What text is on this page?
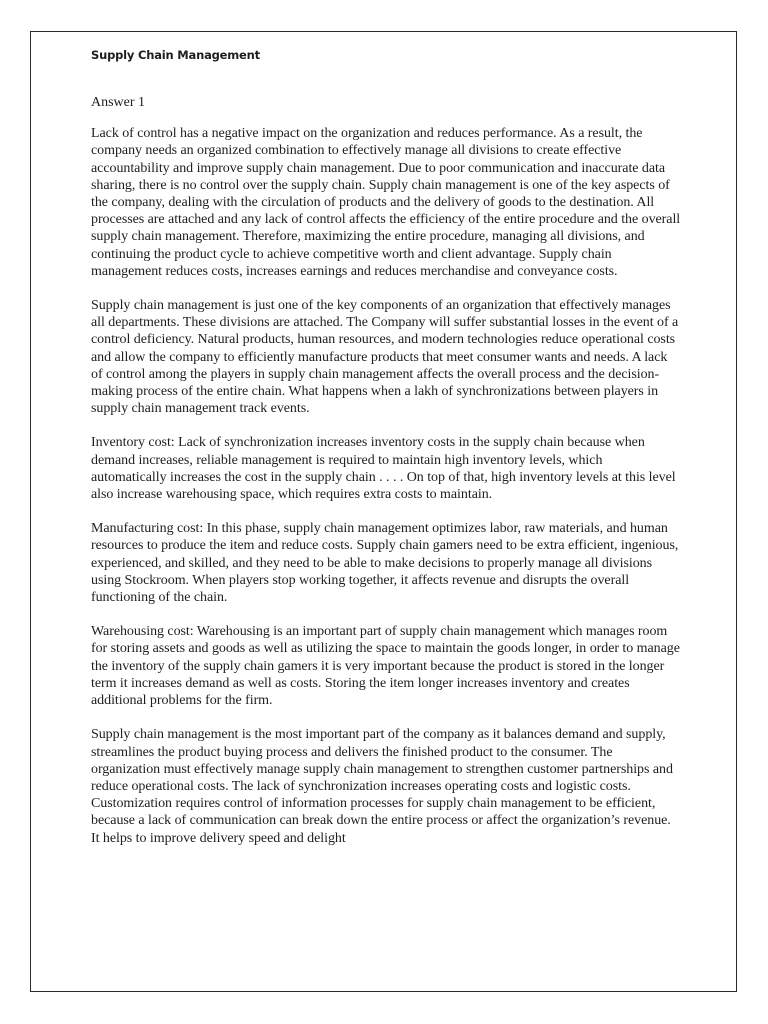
Supply Chain Management

Answer 1

Lack of control has a negative impact on the organization and reduces performance. As a result, the company needs an organized combination to effectively manage all divisions to create effective accountability and improve supply chain management. Due to poor communication and inaccurate data sharing, there is no control over the supply chain. Supply chain management is one of the key aspects of the company, dealing with the circulation of products and the delivery of goods to the destination. All processes are attached and any lack of control affects the efficiency of the entire procedure and the overall supply chain management. Therefore, maximizing the entire procedure, managing all divisions, and continuing the product cycle to achieve competitive worth and client advantage. Supply chain management reduces costs, increases earnings and reduces merchandise and conveyance costs.

Supply chain management is just one of the key components of an organization that effectively manages all departments. These divisions are attached. The Company will suffer substantial losses in the event of a control deficiency. Natural products, human resources, and modern technologies reduce operational costs and allow the company to efficiently manufacture products that meet consumer wants and needs. A lack of control among the players in supply chain management affects the overall process and the decision-making process of the entire chain. What happens when a lakh of synchronizations between players in supply chain management track events.

Inventory cost: Lack of synchronization increases inventory costs in the supply chain because when demand increases, reliable management is required to maintain high inventory levels, which automatically increases the cost in the supply chain . . . . On top of that, high inventory levels at this level also increase warehousing space, which requires extra costs to maintain.

Manufacturing cost: In this phase, supply chain management optimizes labor, raw materials, and human resources to produce the item and reduce costs. Supply chain gamers need to be extra efficient, ingenious, experienced, and skilled, and they need to be able to make decisions to properly manage all divisions using Stockroom. When players stop working together, it affects revenue and disrupts the overall functioning of the chain.

Warehousing cost: Warehousing is an important part of supply chain management which manages room for storing assets and goods as well as utilizing the space to maintain the goods longer, in order to manage the inventory of the supply chain gamers it is very important because the product is stored in the longer term it increases demand as well as costs. Storing the item longer increases inventory and creates additional problems for the firm.

Supply chain management is the most important part of the company as it balances demand and supply, streamlines the product buying process and delivers the finished product to the consumer. The organization must effectively manage supply chain management to strengthen customer partnerships and reduce operational costs. The lack of synchronization increases operating costs and logistic costs. Customization requires control of information processes for supply chain management to be efficient, because a lack of communication can break down the entire process or affect the organization’s revenue. It helps to improve delivery speed and delight
